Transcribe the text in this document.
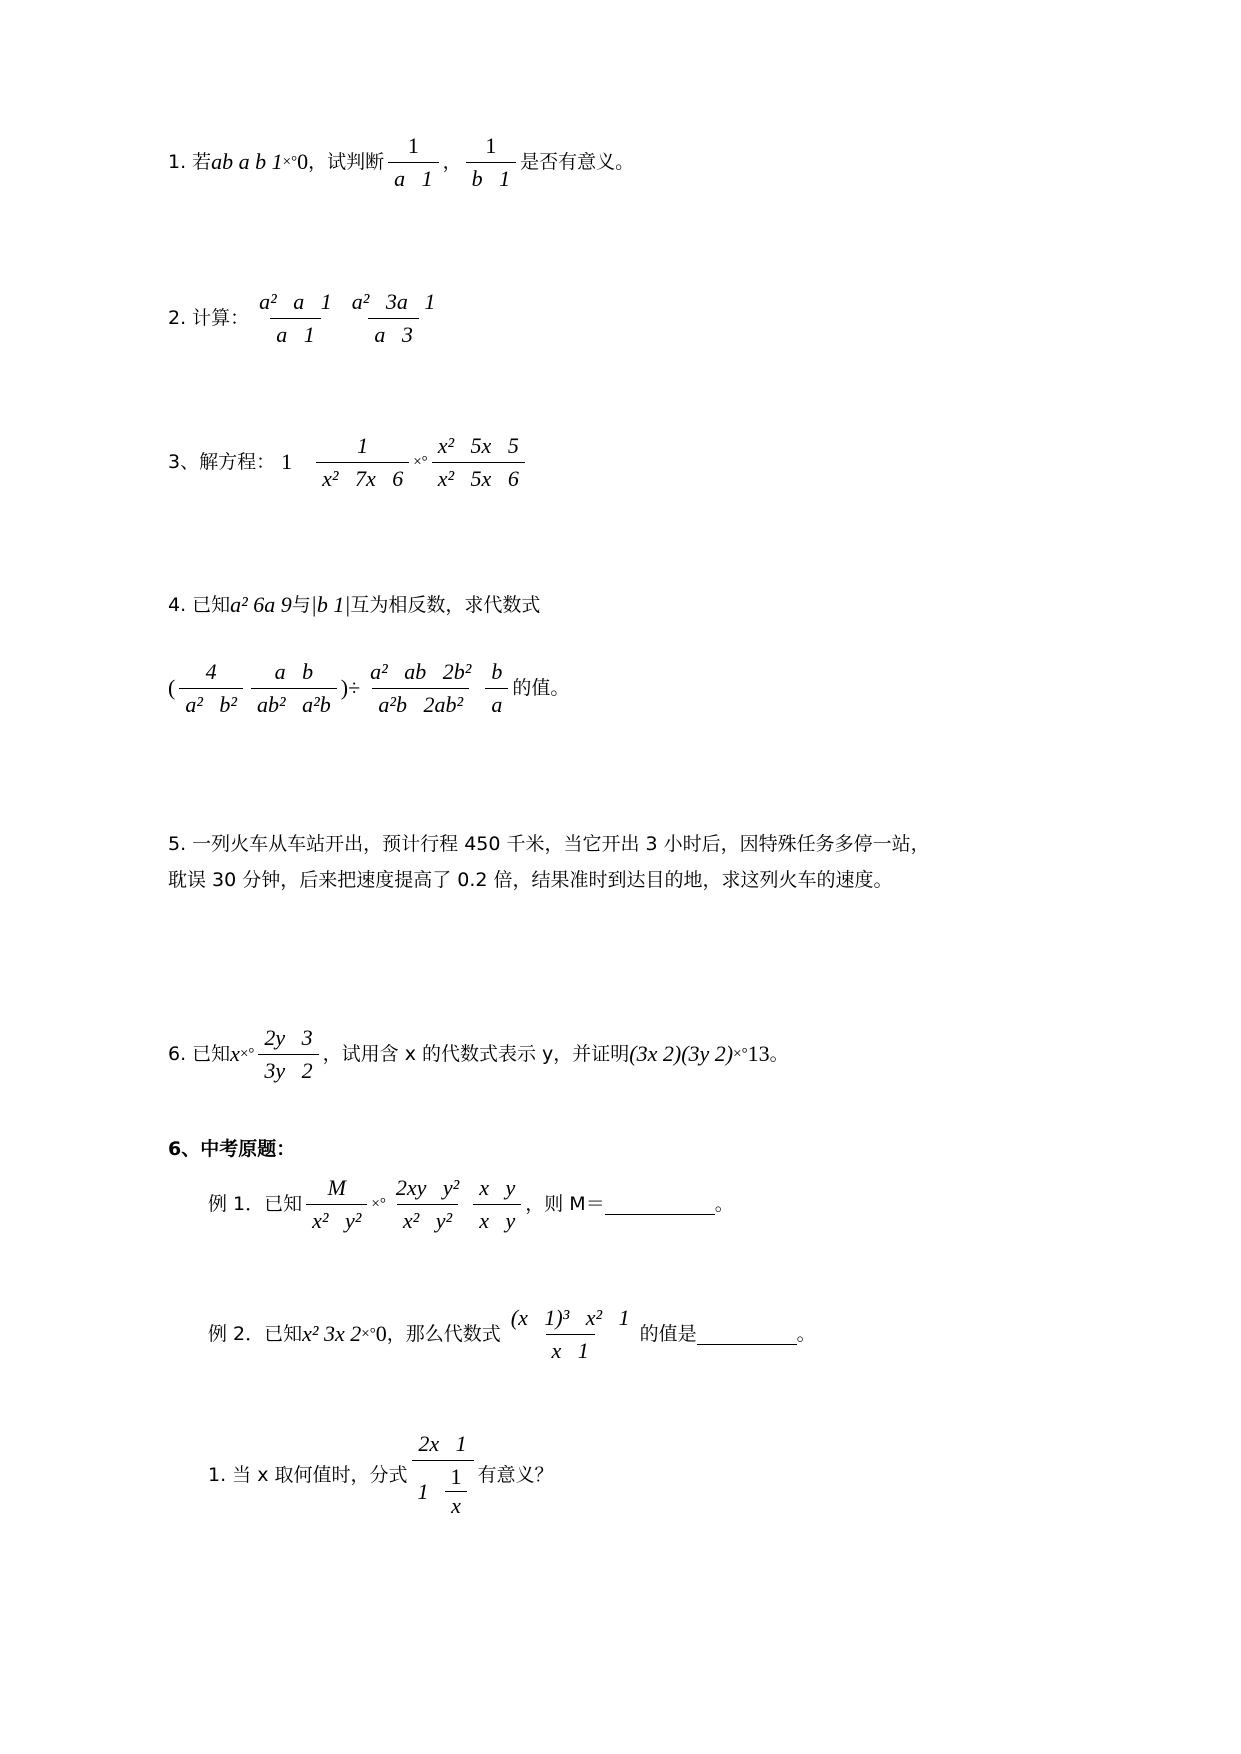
1. 若 ab a b 1 ×° 0 ，试判断 $\frac{1}{a 1}$ ， $\frac{1}{b 1}$ 是否有意义。
2. 计算： $\frac{\text{a²   a   1}}{a 1} \frac{\text{a²   3a   1}}{a 3}$
3、解方程： $1 \frac{1}{\text{x²   7x   6}}$ ×° $\frac{\text{x²   5x   5}}{\text{x²   5x   6}}$
4. 已知 a² 6a 9 与 |b 1| 互为相反数，求代数式
( $\frac{4}{\text{a²   b²}} \frac{\text{a   b}}{\text{ab²   a²b}}$ ) ÷ $\frac{\text{a²   ab   2b²}}{\text{a²b   2ab²}} \frac{b}{a}$ 的值。
5. 一列火车从车站开出，预计行程 450 千米，当它开出 3 小时后，因特殊任务多停一站，
耽误 30 分钟，后来把速度提高了 0.2 倍，结果准时到达目的地，求这列火车的速度。
6. 已知 x ×° $\frac{2y 3}{3y 2}$ ，试用含 x 的代数式表示 y，并证明 (3x 2)(3y 2) ×° 13 。
6、中考原题：
例 1．已知 $\frac{M}{\text{x²   y²}}$ ×° $\frac{\text{2xy   y²}}{\text{x²   y²}} \frac{\text{x   y}}{\text{x   y}}$ ，则 M＝	。
例 2．已知 x² 3x 2 ×° 0 ，那么代数式 $\frac{\text{(x   1)³   x²   1}}{x 1}$ 的值是	。
1. 当 x 取何值时，分式 $\frac{2x 1}{1 \frac{1}{x}}$ 有意义？
